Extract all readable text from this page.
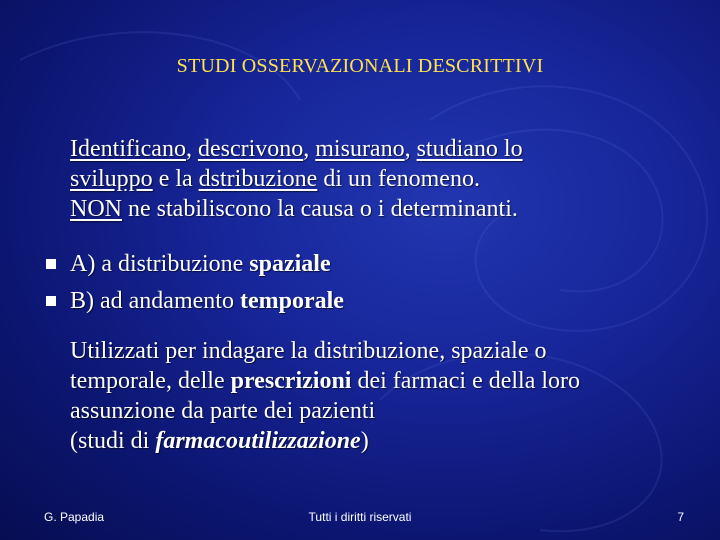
STUDI OSSERVAZIONALI DESCRITTIVI
Identificano, descrivono, misurano, studiano lo
sviluppo e la dstribuzione di un fenomeno.
NON ne stabiliscono la causa o i determinanti.
A) a distribuzione spaziale
B) ad andamento temporale
Utilizzati per indagare la distribuzione, spaziale o
temporale, delle prescrizioni dei farmaci e della loro
assunzione da parte dei pazienti
(studi di farmacoutilizzazione)
G. Papadia	Tutti i diritti riservati	7
